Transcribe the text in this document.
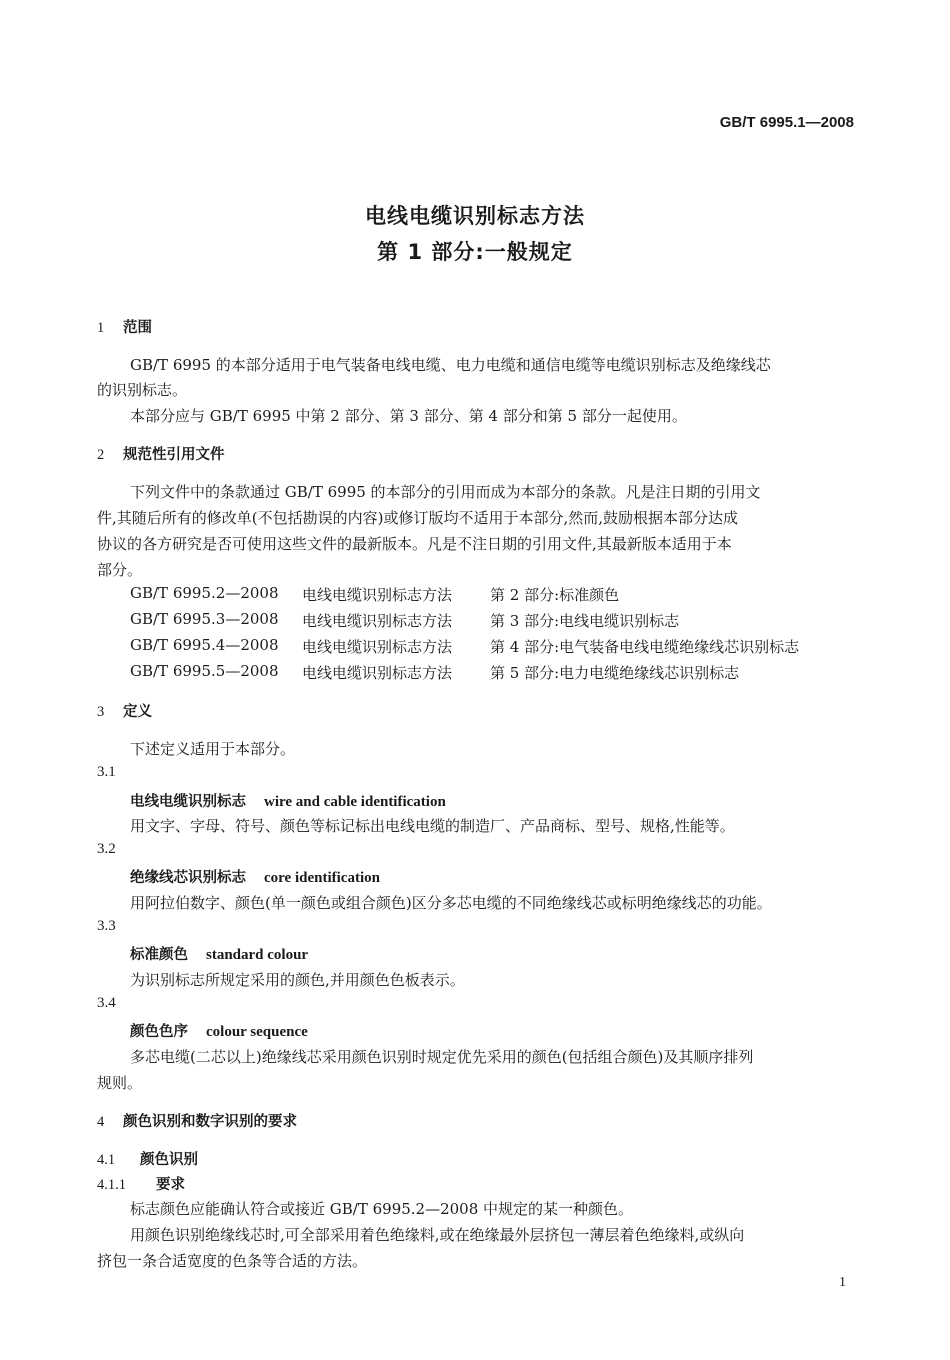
GB/T 6995.1—2008
电线电缆识别标志方法
第 1 部分:一般规定
1 范围
GB/T 6995 的本部分适用于电气装备电线电缆、电力电缆和通信电缆等电缆识别标志及绝缘线芯
的识别标志。
本部分应与 GB/T 6995 中第 2 部分、第 3 部分、第 4 部分和第 5 部分一起使用。
2 规范性引用文件
下列文件中的条款通过 GB/T 6995 的本部分的引用而成为本部分的条款。凡是注日期的引用文
件,其随后所有的修改单(不包括勘误的内容)或修订版均不适用于本部分,然而,鼓励根据本部分达成
协议的各方研究是否可使用这些文件的最新版本。凡是不注日期的引用文件,其最新版本适用于本
部分。
GB/T 6995.2—2008 电线电缆识别标志方法	第 2 部分:标准颜色
GB/T 6995.3—2008 电线电缆识别标志方法	第 3 部分:电线电缆识别标志
GB/T 6995.4—2008 电线电缆识别标志方法	第 4 部分:电气装备电线电缆绝缘线芯识别标志
GB/T 6995.5—2008 电线电缆识别标志方法	第 5 部分:电力电缆绝缘线芯识别标志
3 定义
下述定义适用于本部分。
3.1
电线电缆识别标志 wire and cable identification
用文字、字母、符号、颜色等标记标出电线电缆的制造厂、产品商标、型号、规格,性能等。
3.2
绝缘线芯识别标志 core identification
用阿拉伯数字、颜色(单一颜色或组合颜色)区分多芯电缆的不同绝缘线芯或标明绝缘线芯的功能。
3.3
标准颜色 standard colour
为识别标志所规定采用的颜色,并用颜色色板表示。
3.4
颜色色序 colour sequence
多芯电缆(二芯以上)绝缘线芯采用颜色识别时规定优先采用的颜色(包括组合颜色)及其顺序排列
规则。
4 颜色识别和数字识别的要求
4.1 颜色识别
4.1.1 要求
标志颜色应能确认符合或接近 GB/T 6995.2—2008 中规定的某一种颜色。
用颜色识别绝缘线芯时,可全部采用着色绝缘料,或在绝缘最外层挤包一薄层着色绝缘料,或纵向
挤包一条合适宽度的色条等合适的方法。
1
